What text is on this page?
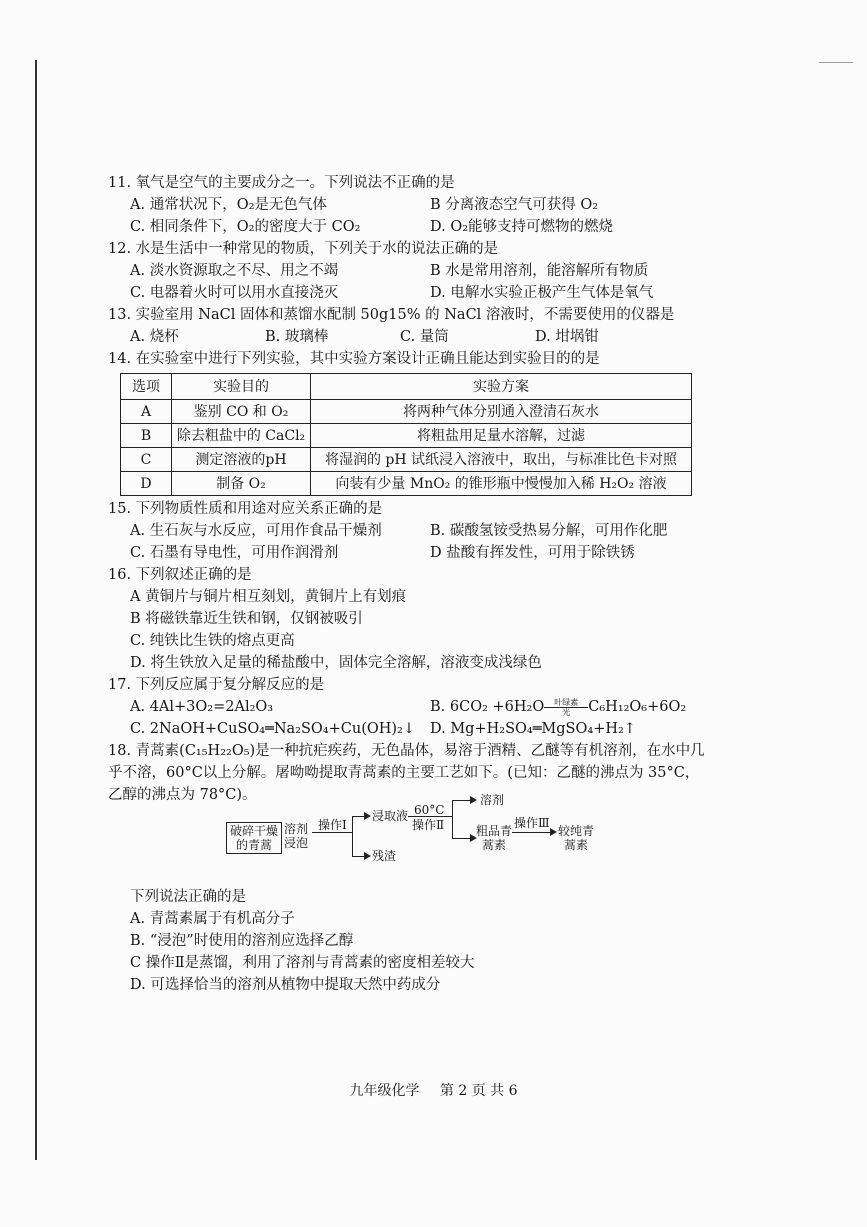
11. 氧气是空气的主要成分之一。下列说法不正确的是
A. 通常状况下，O₂是无色气体	B 分离液态空气可获得 O₂
C. 相同条件下，O₂的密度大于 CO₂	D. O₂能够支持可燃物的燃烧
12. 水是生活中一种常见的物质，下列关于水的说法正确的是
A. 淡水资源取之不尽、用之不竭	B 水是常用溶剂，能溶解所有物质
C. 电器着火时可以用水直接浇灭	D. 电解水实验正极产生气体是氧气
13. 实验室用 NaCl 固体和蒸馏水配制 50g15% 的 NaCl 溶液时，不需要使用的仪器是
A. 烧杯	B. 玻璃棒	C. 量筒	D. 坩埚钳
14. 在实验室中进行下列实验，其中实验方案设计正确且能达到实验目的的是
选项	实验目的	实验方案
A	鉴别 CO 和 O₂	将两种气体分别通入澄清石灰水
B	除去粗盐中的 CaCl₂	将粗盐用足量水溶解，过滤
C	测定溶液的pH	将湿润的 pH 试纸浸入溶液中，取出，与标准比色卡对照
D	制备 O₂	向装有少量 MnO₂ 的锥形瓶中慢慢加入稀 H₂O₂ 溶液
15. 下列物质性质和用途对应关系正确的是
A. 生石灰与水反应，可用作食品干燥剂	B. 碳酸氢铵受热易分解，可用作化肥
C. 石墨有导电性，可用作润滑剂	D 盐酸有挥发性，可用于除铁锈
16. 下列叙述正确的是
A 黄铜片与铜片相互刻划，黄铜片上有划痕
B 将磁铁靠近生铁和钢，仅钢被吸引
C. 纯铁比生铁的熔点更高
D. 将生铁放入足量的稀盐酸中，固体完全溶解，溶液变成浅绿色
17. 下列反应属于复分解反应的是
A. 4Al+3O₂=2Al₂O₃	B. 6CO₂ +6H₂O	叶绿素
光	C₆H₁₂O₆+6O₂
C. 2NaOH+CuSO₄═Na₂SO₄+Cu(OH)₂↓	D. Mg+H₂SO₄═MgSO₄+H₂↑
18. 青蒿素(C₁₅H₂₂O₅)是一种抗疟疾药，无色晶体，易溶于酒精、乙醚等有机溶剂，在水中几乎不溶，60°C以上分解。屠呦呦提取青蒿素的主要工艺如下。(已知：乙醚的沸点为 35°C，乙醇的沸点为 78°C)。
破碎干燥的青蒿
溶剂浸泡
操作I
浸取液
残渣
60°C
操作Ⅱ
溶剂
粗品青蒿素
操作Ⅲ
较纯青蒿素
下列说法正确的是
A. 青蒿素属于有机高分子
B. “浸泡”时使用的溶剂应选择乙醇
C 操作Ⅱ是蒸馏，利用了溶剂与青蒿素的密度相差较大
D. 可选择恰当的溶剂从植物中提取天然中药成分
九年级化学 第 2 页 共 6
